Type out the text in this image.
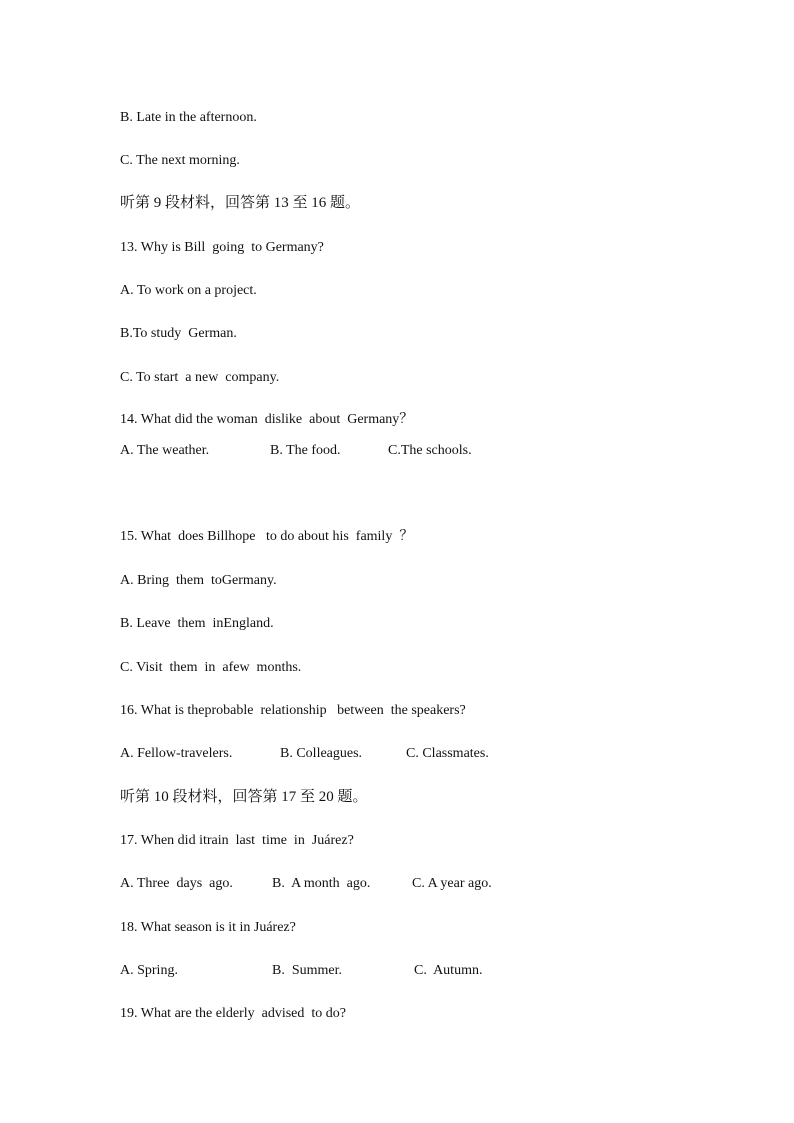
B. Late in the afternoon.
C. The next morning.
听第 9 段材料，回答第 13 至 16 题。
13. Why is Bill  going  to Germany?
A. To work on a project.
B.To study  German.
C. To start  a new  company.
14. What did the woman  dislike  about  Germany？

A. The weather.

	B. The food.

	C.The schools.

15. What  does Billhope   to do about his  family  ？
A. Bring  them  toGermany.
B. Leave  them  inEngland.
C. Visit  them  in  afew  months.
16. What is theprobable  relationship   between  the speakers?

A. Fellow-travelers.

	B. Colleagues.

	C. Classmates.

听第 10 段材料，回答第 17 至 20 题。
17. When did itrain  last  time  in  Juárez?

A. Three  days  ago.

	B.  A month  ago.

	C. A year ago.

18. What season is it in Juárez?

A. Spring.

	B.  Summer.

	C.  Autumn.

19. What are the elderly  advised  to do?
